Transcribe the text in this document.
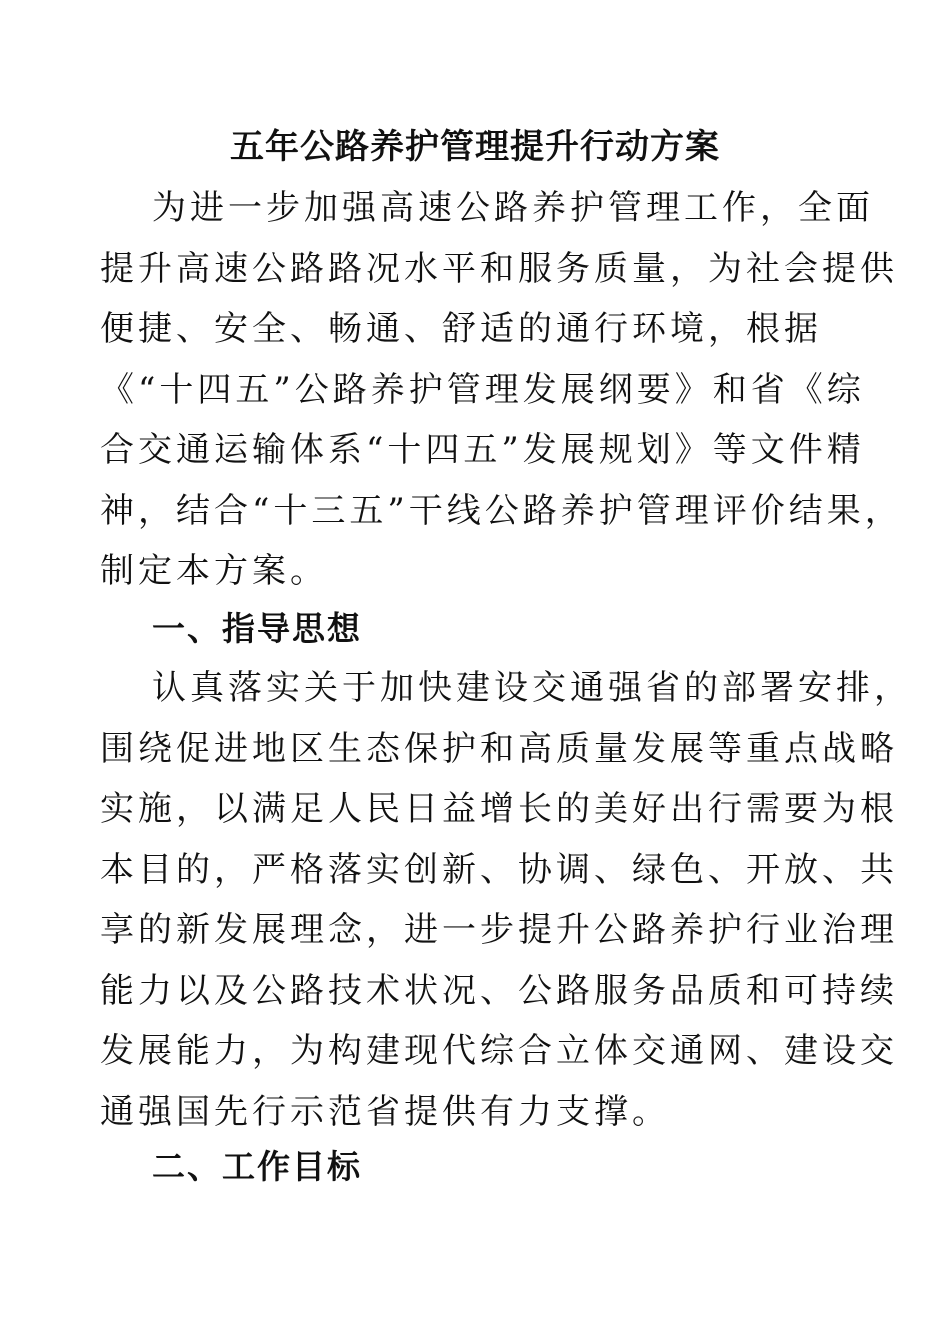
五年公路养护管理提升行动方案
为进一步加强高速公路养护管理工作，全面
提升高速公路路况水平和服务质量，为社会提供
便捷、安全、畅通、舒适的通行环境，根据
《“十四五”公路养护管理发展纲要》和省《综
合交通运输体系“十四五”发展规划》等文件精
神，结合“十三五”干线公路养护管理评价结果，
制定本方案。
一、指导思想
认真落实关于加快建设交通强省的部署安排，
围绕促进地区生态保护和高质量发展等重点战略
实施，以满足人民日益增长的美好出行需要为根
本目的，严格落实创新、协调、绿色、开放、共
享的新发展理念，进一步提升公路养护行业治理
能力以及公路技术状况、公路服务品质和可持续
发展能力，为构建现代综合立体交通网、建设交
通强国先行示范省提供有力支撑。
二、工作目标
